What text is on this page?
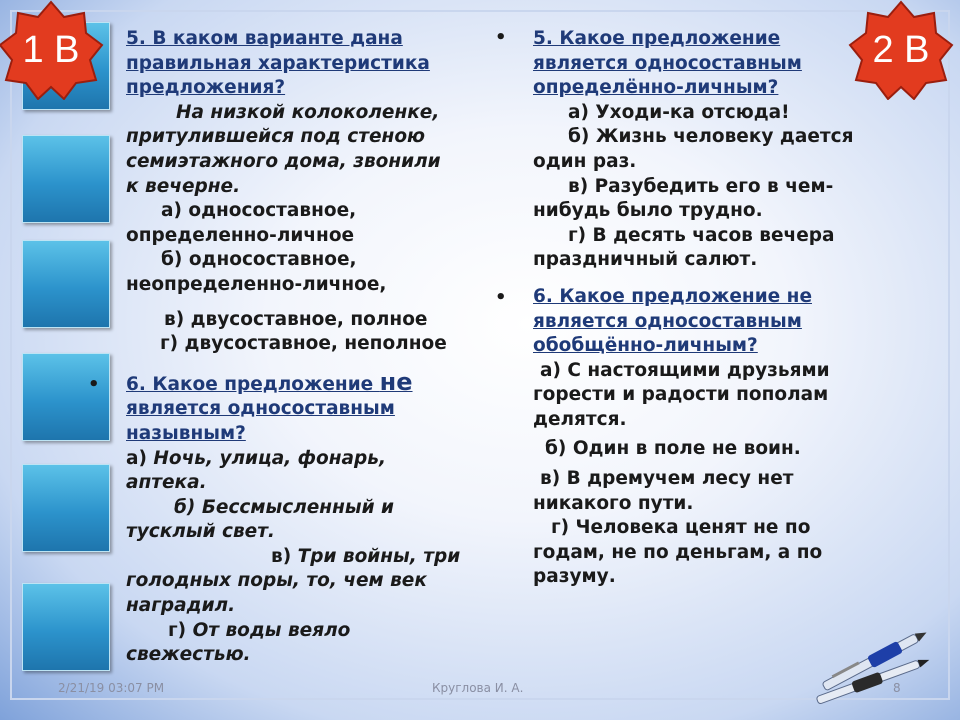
1 B	2 B
5. В каком варианте дана
правильная характеристика
предложения?
На низкой колоколенке,
притулившейся под стеною
семиэтажного дома, звонили
к вечерне.
а) односоставное,
определенно-личное
б) односоставное,
неопределенно-личное,
в) двусоставное, полное
г) двусоставное, неполное
6. Какое предложение не
является односоставным
назывным?
а) Ночь, улица, фонарь,
аптека.
б) Бессмысленный и
тусклый свет.
в) Три войны, три
голодных поры, то, чем век
наградил.
г) От воды веяло
свежестью.
•
•
•
5. Какое предложение
является односоставным
определённо-личным?
а) Уходи-ка отсюда!
б) Жизнь человеку дается
один раз.
в) Разубедить его в чем-
нибудь было трудно.
г) В десять часов вечера
праздничный салют.
6. Какое предложение не
является односоставным
обобщённо-личным?
а) С настоящими друзьями
горести и радости пополам
делятся.
б) Один в поле не воин.
в) В дремучем лесу нет
никакого пути.
г) Человека ценят не по
годам, не по деньгам, а по
разуму.
2/21/19 03:07 PM	Круглова И. А.	8
